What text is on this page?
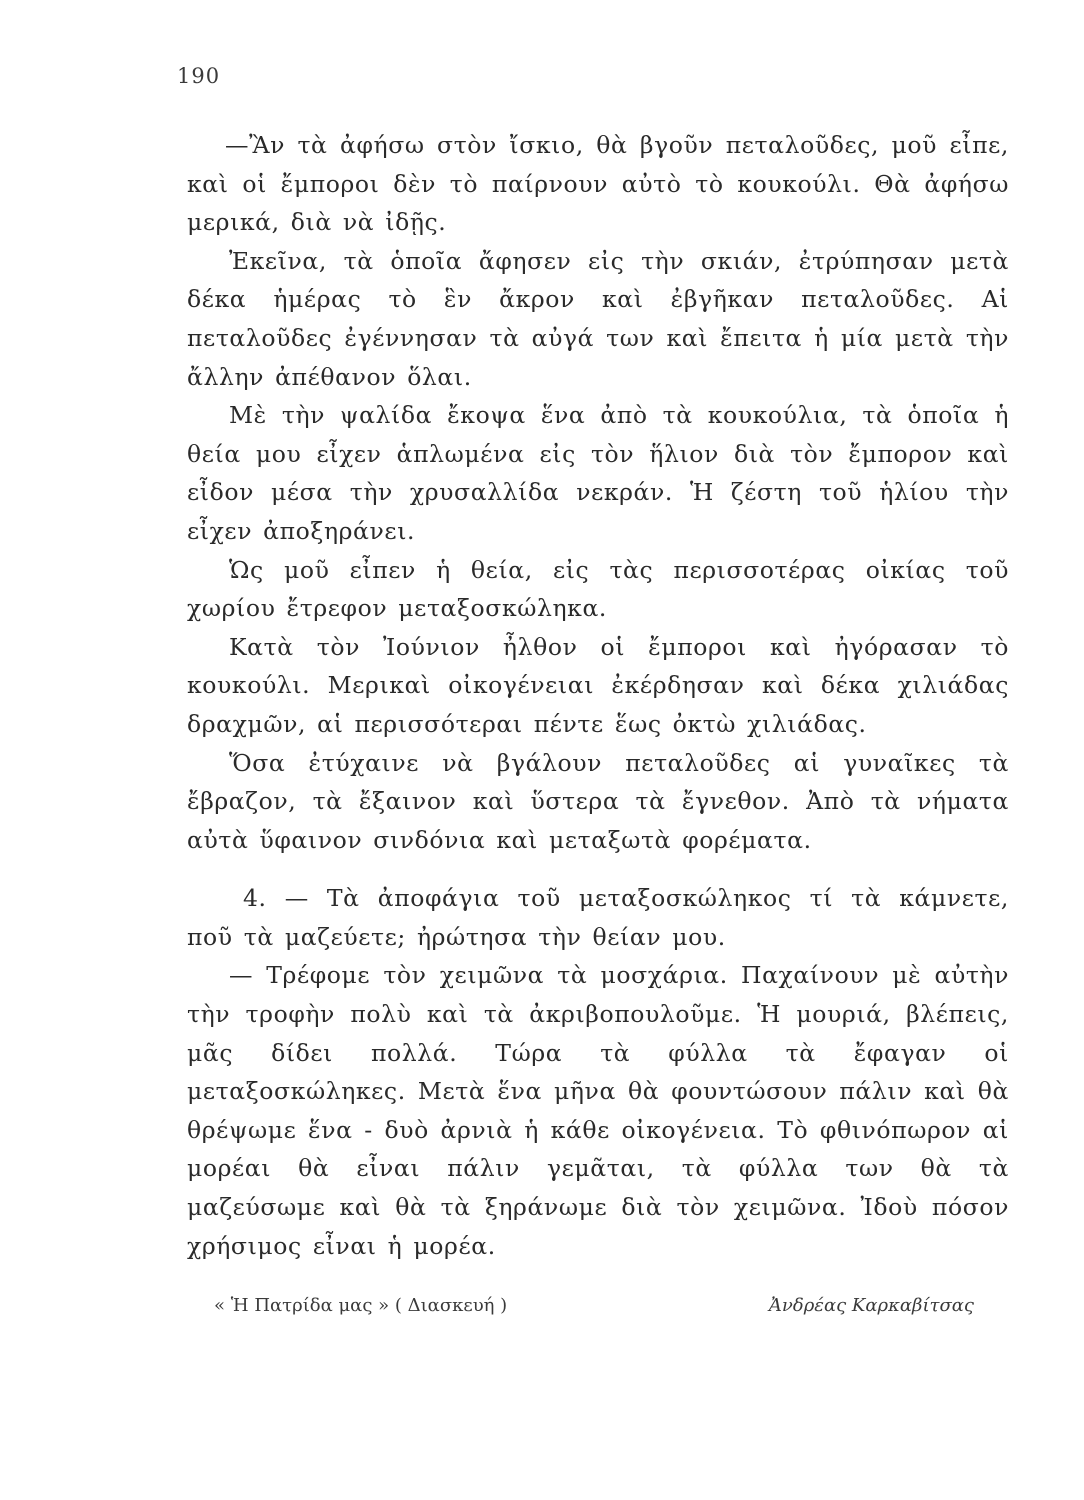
190

—Ἂν τὰ ἀφήσω στὸν ἴσκιο, θὰ βγοῦν πεταλοῦδες, μοῦ εἶπε, καὶ οἱ ἔμποροι δὲν τὸ παίρνουν αὐτὸ τὸ κουκούλι. Θὰ ἀφήσω μερικά, διὰ νὰ ἰδῇς.

Ἐκεῖνα, τὰ ὁποῖα ἄφησεν εἰς τὴν σκιάν, ἐτρύπησαν μετὰ δέκα ἡμέρας τὸ ἓν ἄκρον καὶ ἐβγῆκαν πεταλοῦδες. Αἱ πεταλοῦδες ἐγέννησαν τὰ αὐγά των καὶ ἔπειτα ἡ μία μετὰ τὴν ἄλλην ἀπέθανον ὅλαι.

Μὲ τὴν ψαλίδα ἔκοψα ἕνα ἀπὸ τὰ κουκούλια, τὰ ὁποῖα ἡ θεία μου εἶχεν ἁπλωμένα εἰς τὸν ἥλιον διὰ τὸν ἔμπορον καὶ εἶδον μέσα τὴν χρυσαλλίδα νεκράν. Ἡ ζέστη τοῦ ἡλίου τὴν εἶχεν ἀποξηράνει.

Ὡς μοῦ εἶπεν ἡ θεία, εἰς τὰς περισσοτέρας οἰκίας τοῦ χωρίου ἔτρεφον μεταξοσκώληκα.

Κατὰ τὸν Ἰούνιον ἦλθον οἱ ἔμποροι καὶ ἠγόρασαν τὸ κουκούλι. Μερικαὶ οἰκογένειαι ἐκέρδησαν καὶ δέκα χιλιάδας δραχμῶν, αἱ περισσότεραι πέντε ἕως ὀκτὼ χιλιάδας.

Ὅσα ἐτύχαινε νὰ βγάλουν πεταλοῦδες αἱ γυναῖκες τὰ ἔβραζον, τὰ ἔξαινον καὶ ὕστερα τὰ ἔγνεθον. Ἀπὸ τὰ νήματα αὐτὰ ὕφαινον σινδόνια καὶ μεταξωτὰ φορέματα.

4. — Τὰ ἀποφάγια τοῦ μεταξοσκώληκος τί τὰ κάμνετε, ποῦ τὰ μαζεύετε; ἠρώτησα τὴν θείαν μου.

— Τρέφομε τὸν χειμῶνα τὰ μοσχάρια. Παχαίνουν μὲ αὐτὴν τὴν τροφὴν πολὺ καὶ τὰ ἀκριβοπουλοῦμε. Ἡ μουριά, βλέπεις, μᾶς δίδει πολλά. Τώρα τὰ φύλλα τὰ ἔφαγαν οἱ μεταξοσκώληκες. Μετὰ ἕνα μῆνα θὰ φουντώσουν πάλιν καὶ θὰ θρέψωμε ἕνα - δυὸ ἀρνιὰ ἡ κάθε οἰκογένεια. Τὸ φθινόπωρον αἱ μορέαι θὰ εἶναι πάλιν γεμᾶται, τὰ φύλλα των θὰ τὰ μαζεύσωμε καὶ θὰ τὰ ξηράνωμε διὰ τὸν χειμῶνα. Ἰδοὺ πόσον χρήσιμος εἶναι ἡ μορέα.

« Ἡ Πατρίδα μας » ( Διασκευή )	Ἀνδρέας Καρκαβίτσας
